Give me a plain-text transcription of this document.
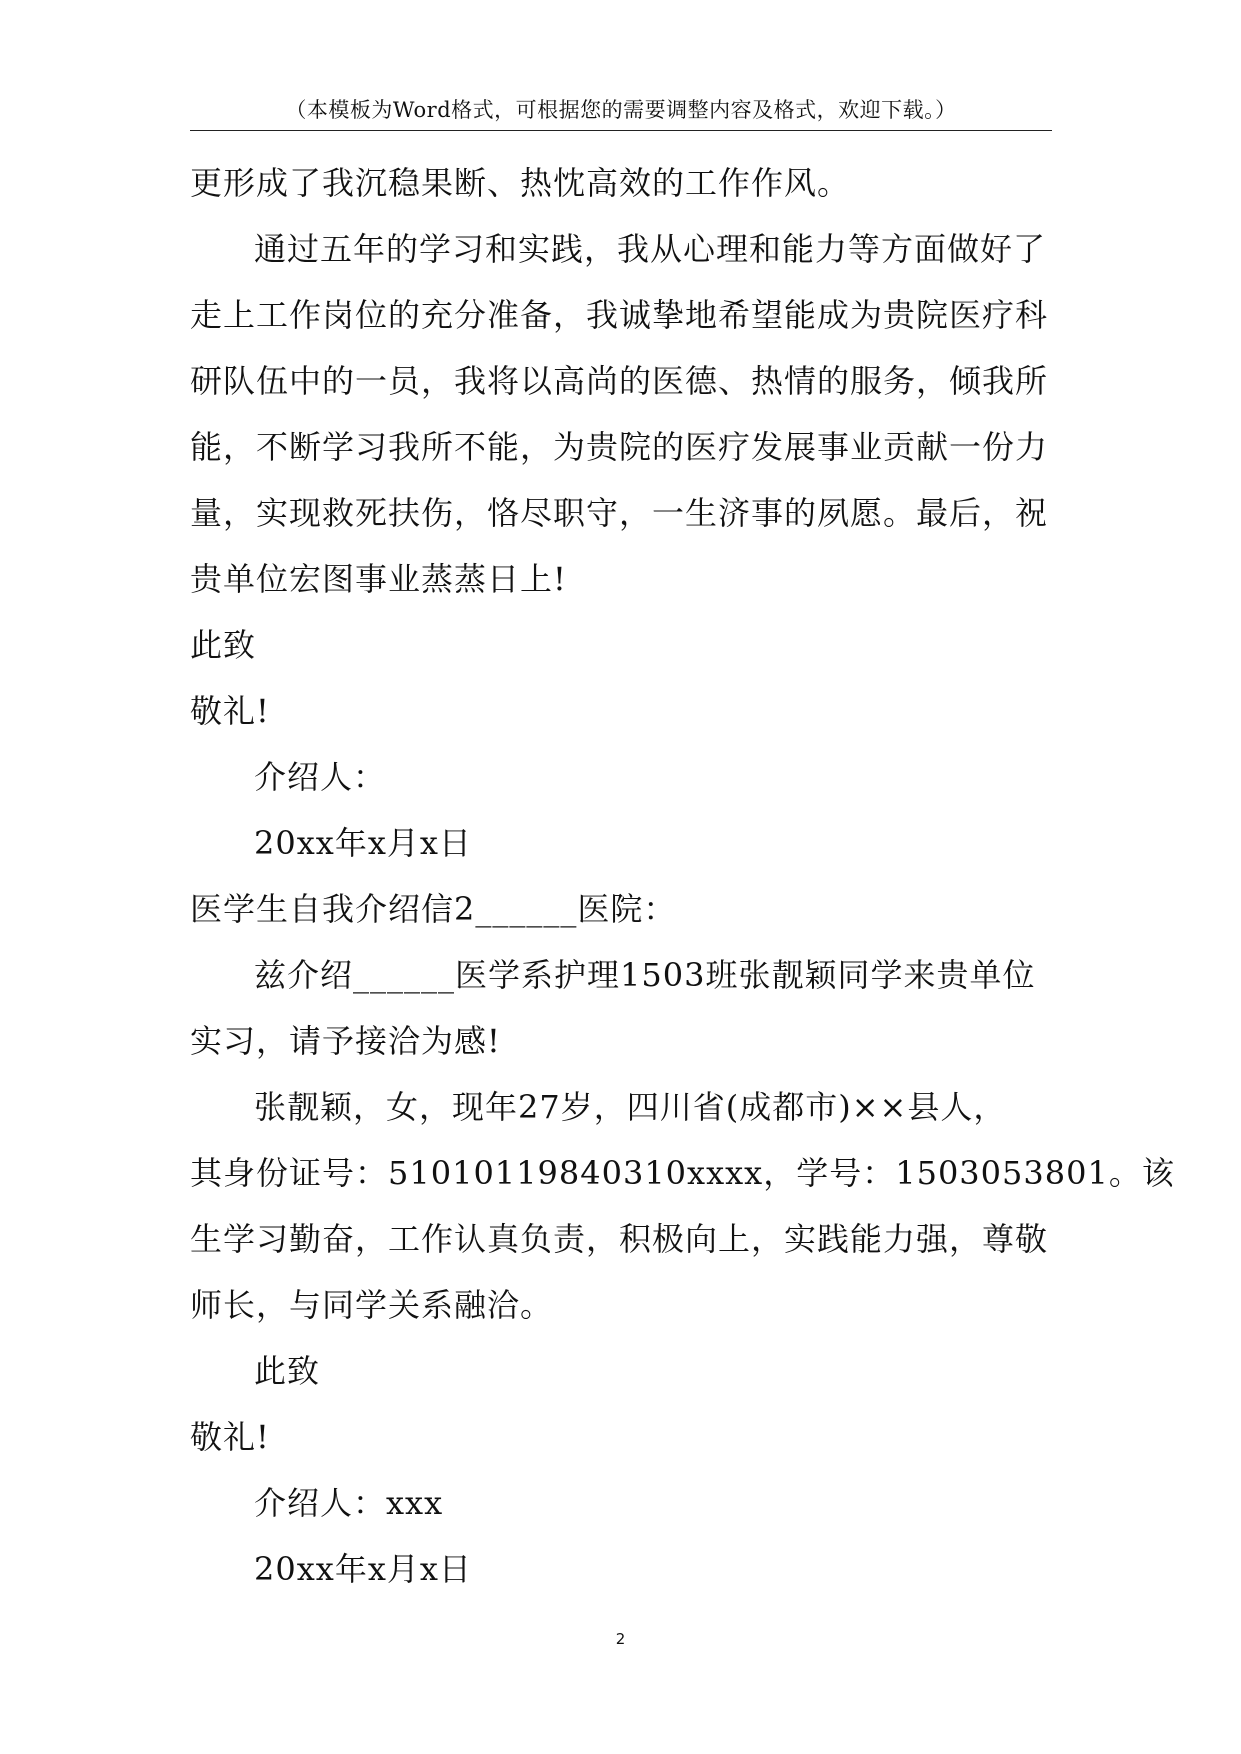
（本模板为Word格式，可根据您的需要调整内容及格式，欢迎下载。）
更形成了我沉稳果断、热忱高效的工作作风。
通过五年的学习和实践，我从心理和能力等方面做好了
走上工作岗位的充分准备，我诚挚地希望能成为贵院医疗科
研队伍中的一员，我将以高尚的医德、热情的服务，倾我所
能，不断学习我所不能，为贵院的医疗发展事业贡献一份力
量，实现救死扶伤，恪尽职守，一生济事的夙愿。最后，祝
贵单位宏图事业蒸蒸日上!
此致
敬礼!
介绍人：
20xx年x月x日
医学生自我介绍信2______医院：
兹介绍______医学系护理1503班张靓颖同学来贵单位
实习，请予接洽为感!
张靓颖，女，现年27岁，四川省(成都市)××县人，
其身份证号：51010119840310xxxx，学号：1503053801。该
生学习勤奋，工作认真负责，积极向上，实践能力强，尊敬
师长，与同学关系融洽。
此致
敬礼!
介绍人：xxx
20xx年x月x日
2
